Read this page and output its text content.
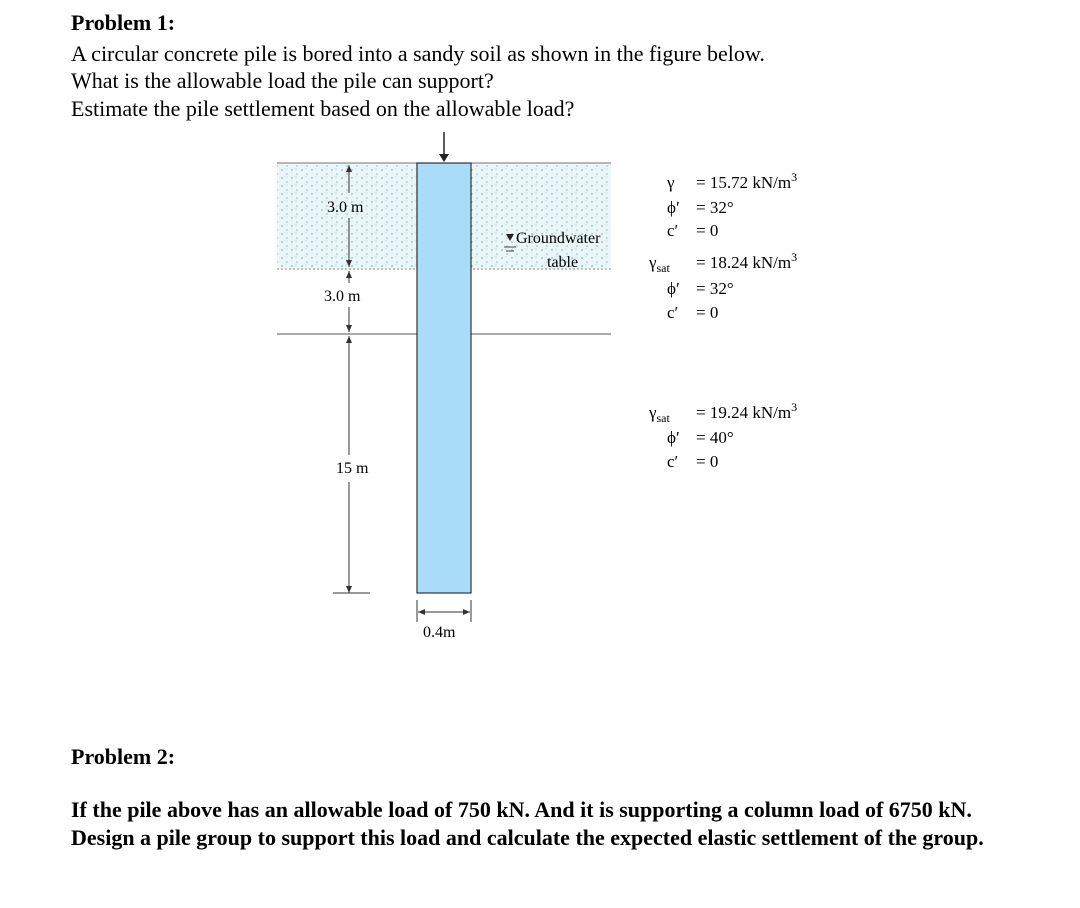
Problem 1:
A circular concrete pile is bored into a sandy soil as shown in the figure below.
What is the allowable load the pile can support?
Estimate the pile settlement based on the allowable load?
3.0 m
3.0 m
15 m
0.4m
Groundwater
table
γ = 15.72 $kN/m^3$
ϕ′ = 32°
c′ = 0
$\gamma_{sat} = 18.24$ $kN/m^3$
ϕ′ = 32°
c′ = 0
$\gamma_{sat} = 19.24$ $kN/m^3$
ϕ′ = 40°
c′ = 0
Problem 2:
If the pile above has an allowable load of 750 kN. And it is supporting a column load of 6750 kN. Design a pile group to support this load and calculate the expected elastic settlement of the group.
